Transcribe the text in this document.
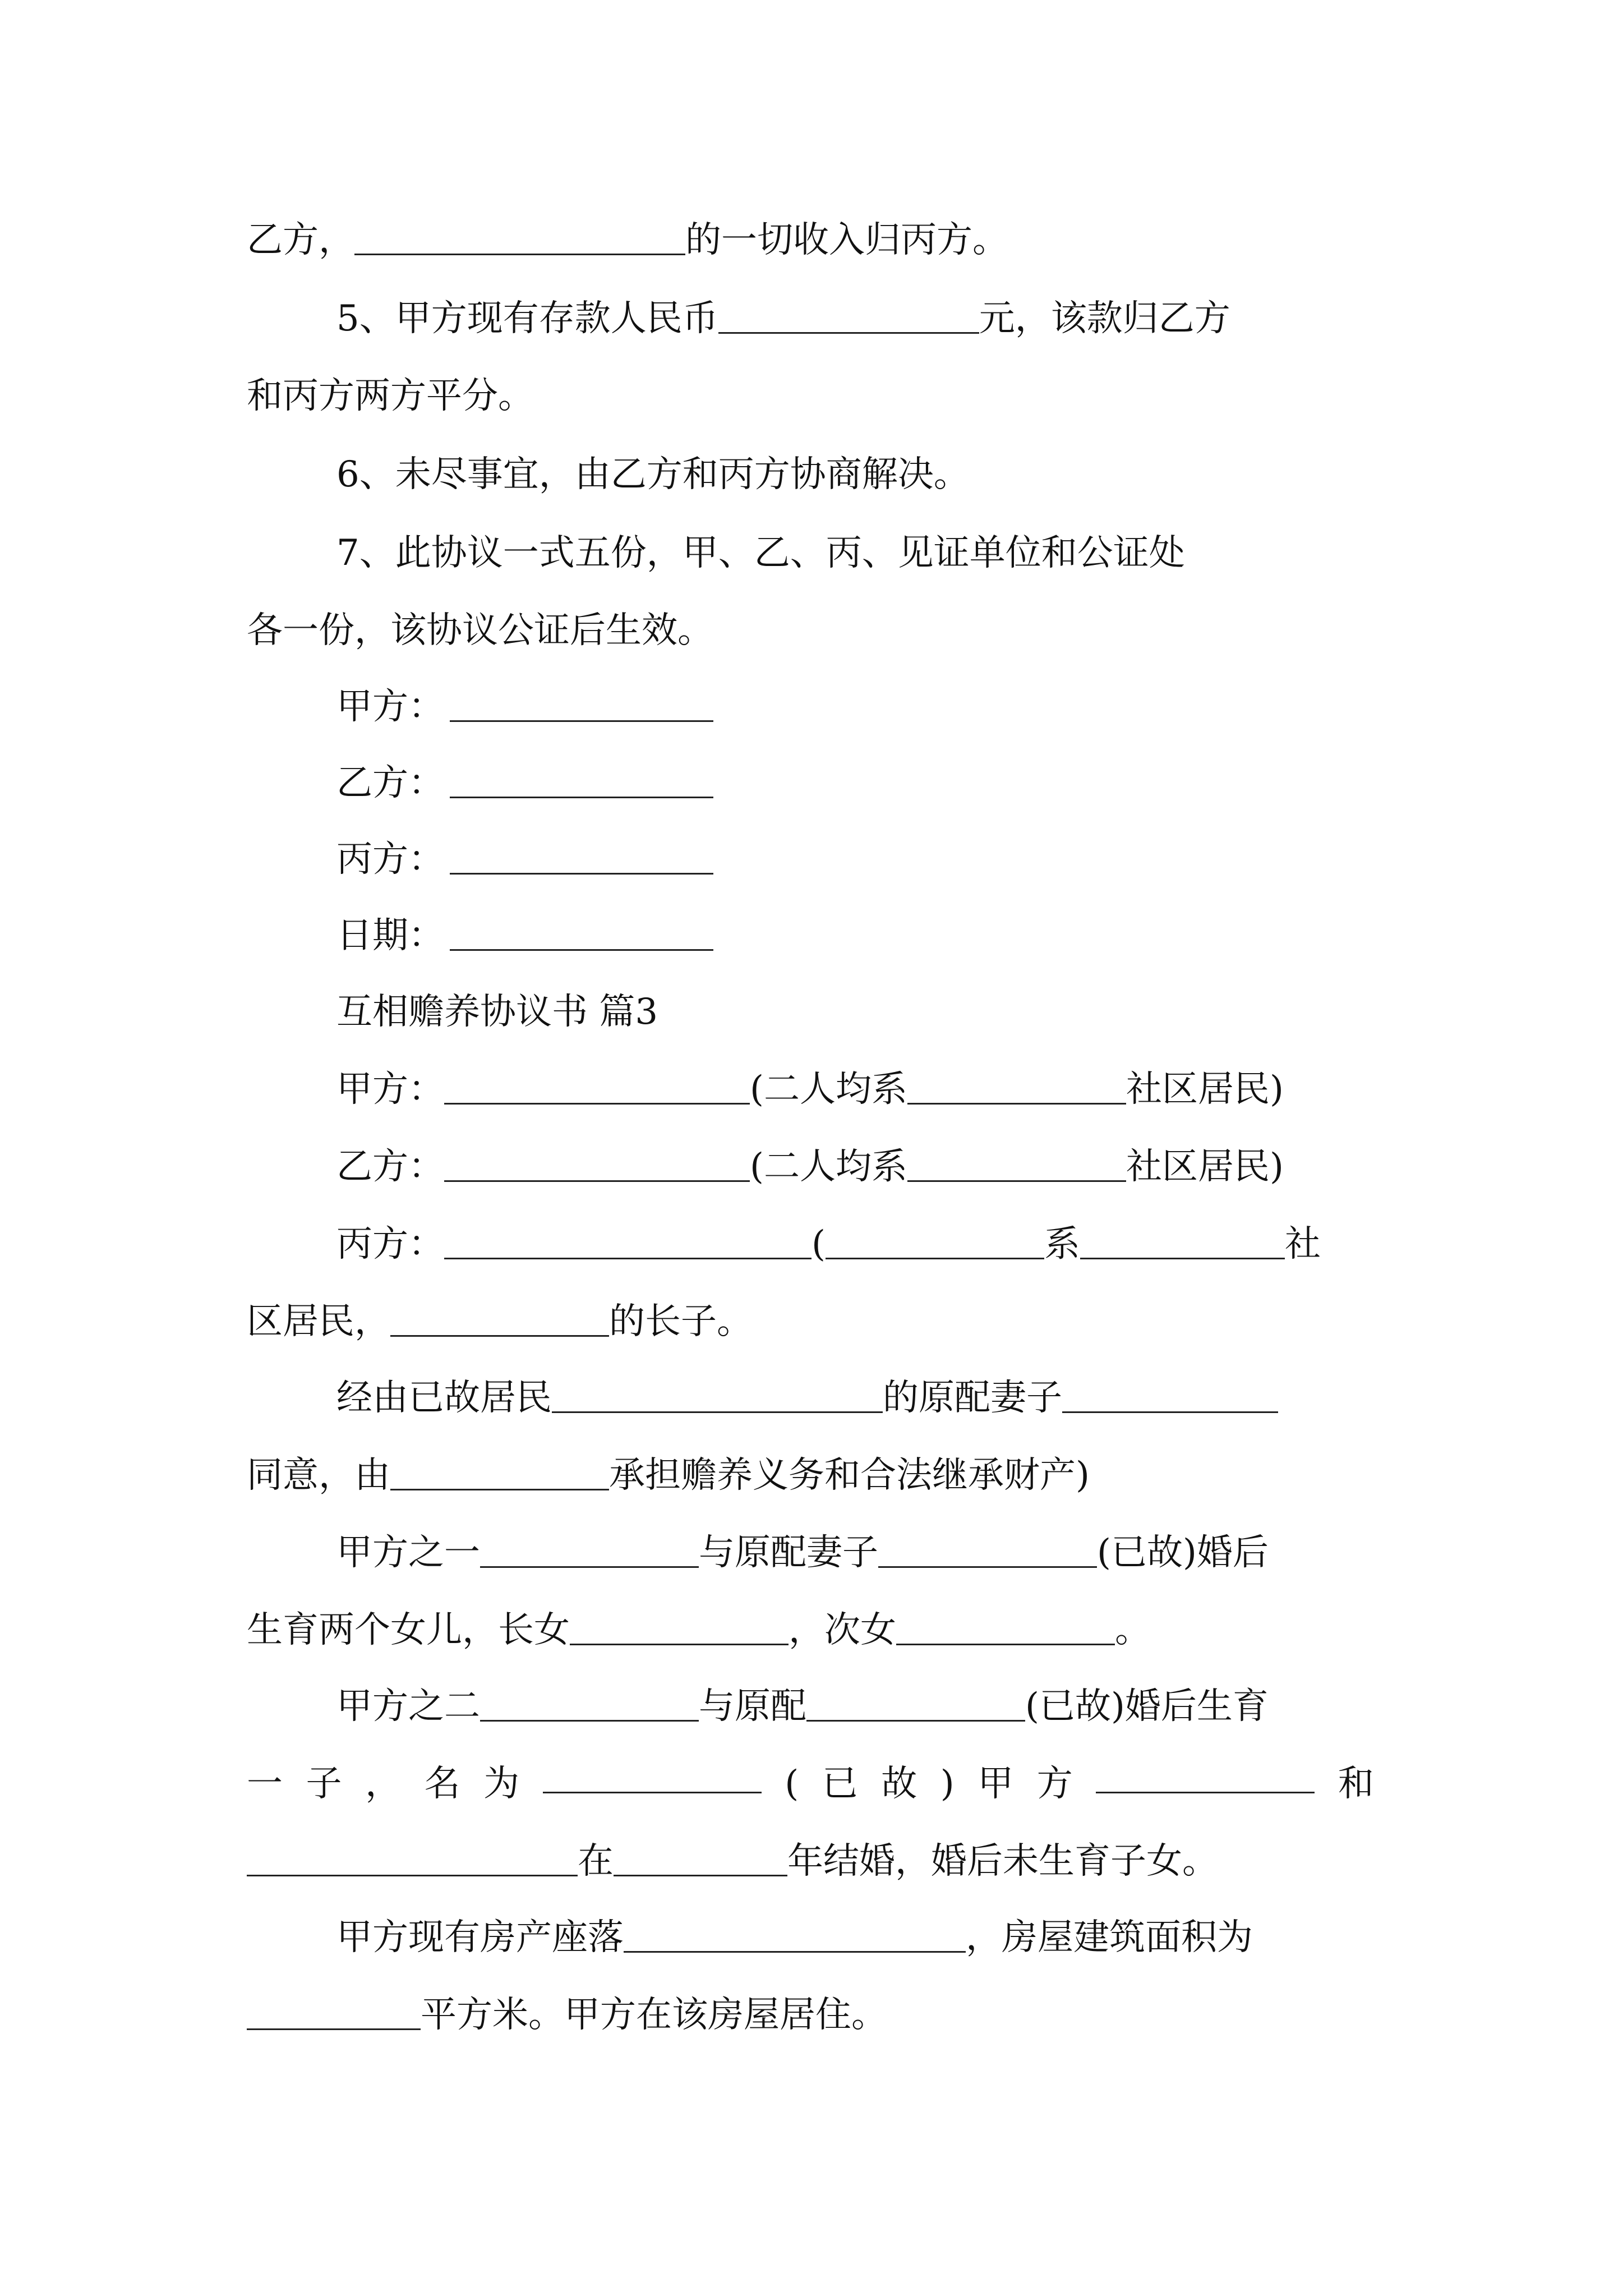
乙方，	的一切收入归丙方。
5、甲方现有存款人民币	元，该款归乙方
和丙方两方平分。
6、未尽事宜，由乙方和丙方协商解决。
7、此协议一式五份，甲、乙、丙、见证单位和公证处
各一份，该协议公证后生效。
甲方：
乙方：
丙方：
日期：
互相赡养协议书 篇3
甲方：	(二人均系	社区居民)
乙方：	(二人均系	社区居民)
丙方：	(	系	社
区居民，	的长子。
经由已故居民	的原配妻子
同意，由	承担赡养义务和合法继承财产)
甲方之一	与原配妻子	(已故)婚后
生育两个女儿，长女	，次女	。
甲方之二	与原配	(已故)婚后生育
一 子 ， 名 为	( 已 故 ) 甲 方	和
在	年结婚，婚后未生育子女。
甲方现有房产座落	，房屋建筑面积为
平方米。甲方在该房屋居住。
